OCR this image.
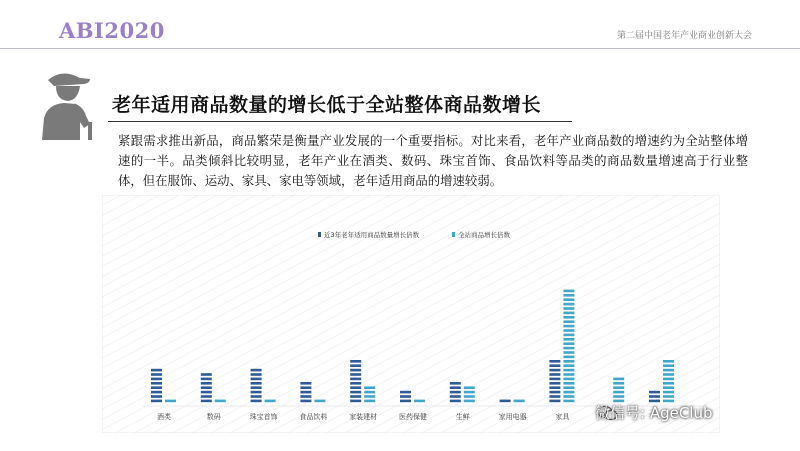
ABI2020	第二届中国老年产业商业创新大会
老年适用商品数量的增长低于全站整体商品数增长
紧跟需求推出新品，商品繁荣是衡量产业发展的一个重要指标。对比来看，老年产业商品数的增速约为全站整体增速的一半。品类倾斜比较明显，老年产业在酒类、数码、珠宝首饰、食品饮料等品类的商品数量增速高于行业整体，但在服饰、运动、家具、家电等领域，老年适用商品的增速较弱。
近3年老年适用商品数量增长倍数	全站商品增长倍数
酒类	数码	珠宝首饰	食品饮料	家装建材	医药保健	生鲜	家用电器	家具 微信号: AgeClub
